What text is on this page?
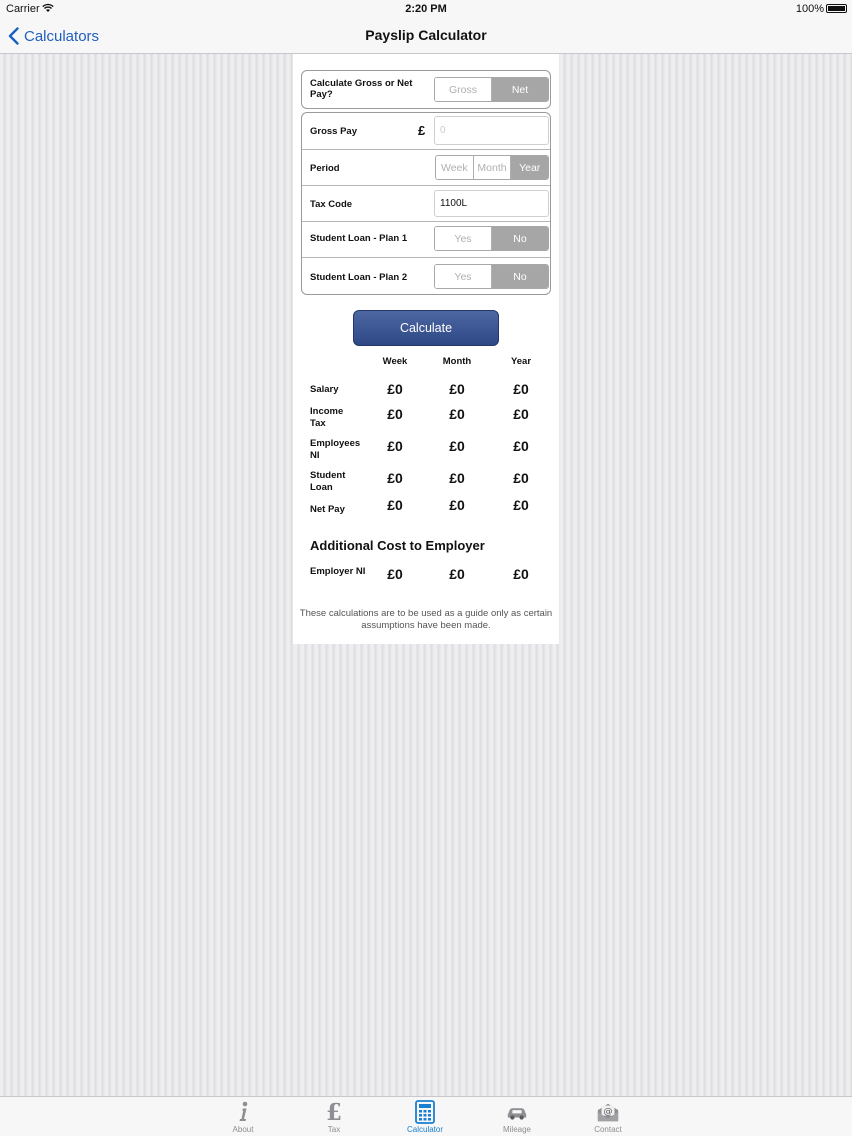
Carrier	2:20 PM	100%
Calculators	Payslip Calculator
Calculate Gross or Net Pay?	Gross	Net
Gross Pay	£	0
Period	Week Month	Year
Tax Code	1100L
Student Loan - Plan 1	Yes	No
Student Loan - Plan 2	Yes	No
Calculate
Week	Month	Year
Salary	£0	£0	£0
Income Tax
£0	£0	£0
Employees NI
£0	£0	£0
Student Loan
£0	£0	£0
Net Pay	£0	£0	£0
Additional Cost to Employer
Employer NI	£0	£0	£0
These calculations are to be used as a guide only as certain assumptions have been made.
About
£
Tax	Calculator	Mileage
@
Contact
